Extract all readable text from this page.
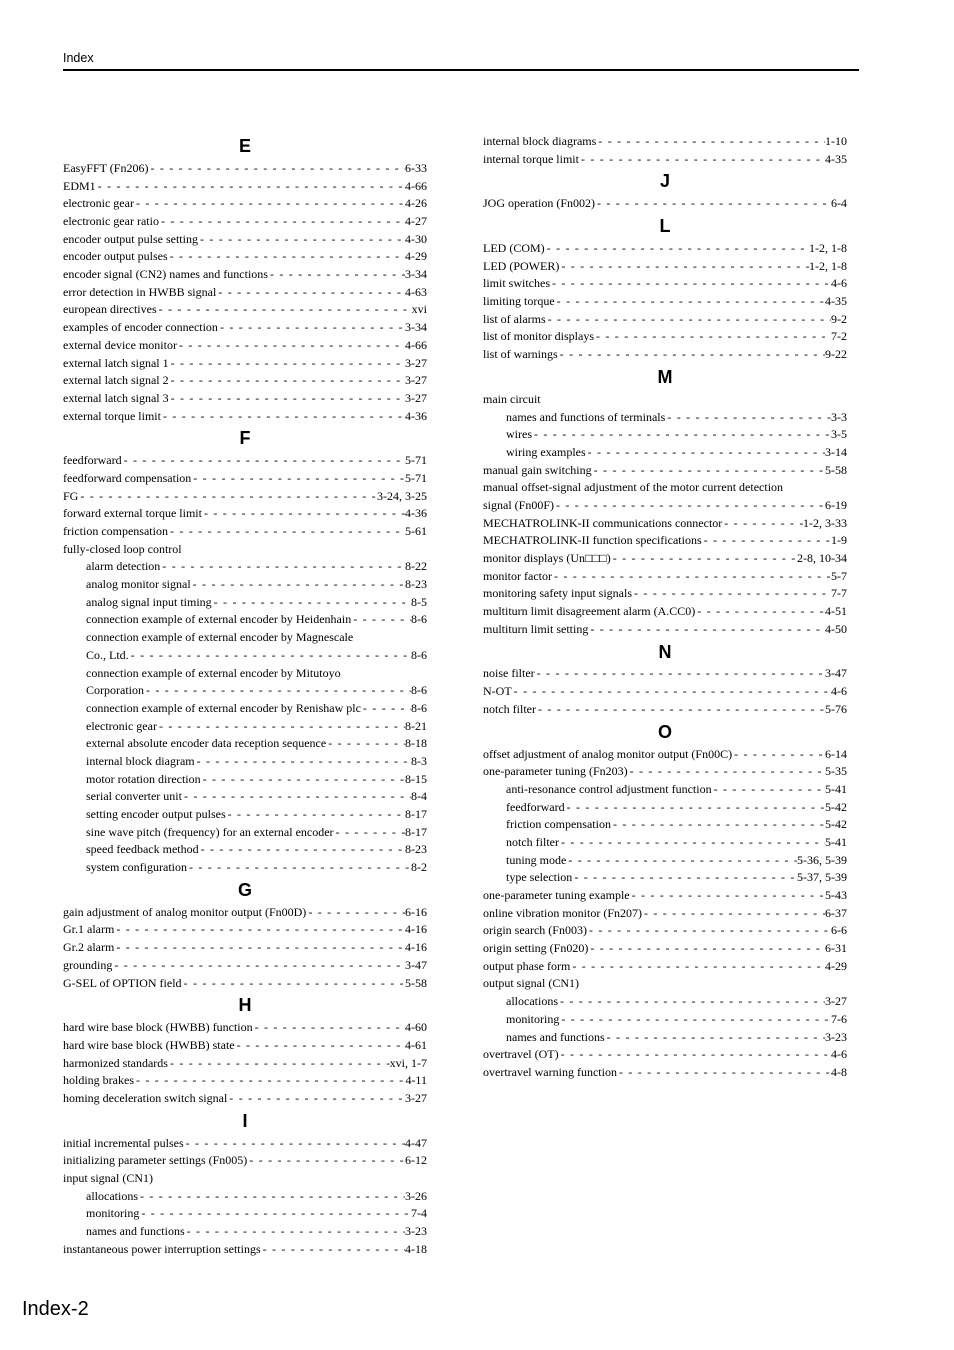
Index
E
EasyFFT (Fn206) - - -	6-33
EDM1 - - -	4-66
electronic gear - - -	4-26
electronic gear ratio - - -	4-27
encoder output pulse setting - - -	4-30
encoder output pulses - - -	4-29
encoder signal (CN2) names and functions - - -	3-34
error detection in HWBB signal - - -	4-63
european directives - - -	xvi
examples of encoder connection - - -	3-34
external device monitor - - -	4-66
external latch signal 1 - - -	3-27
external latch signal 2 - - -	3-27
external latch signal 3 - - -	3-27
external torque limit - - -	4-36
F
feedforward - - -	5-71
feedforward compensation - - -	5-71
FG - - -	3-24, 3-25
forward external torque limit - - -	4-36
friction compensation - - -	5-61
fully-closed loop control
alarm detection - - -	8-22
analog monitor signal - - -	8-23
analog signal input timing - - -	8-5
connection example of external encoder by Heidenhain - - -	8-6
connection example of external encoder by Magnescale
Co., Ltd. - - -	8-6
connection example of external encoder by Mitutoyo
Corporation - - -	8-6
connection example of external encoder by Renishaw plc - - -	8-6
electronic gear - - -	8-21
external absolute encoder data reception sequence - - -	8-18
internal block diagram - - -	8-3
motor rotation direction - - -	8-15
serial converter unit - - -	8-4
setting encoder output pulses - - -	8-17
sine wave pitch (frequency) for an external encoder - - -	8-17
speed feedback method - - -	8-23
system configuration - - -	8-2
G
gain adjustment of analog monitor output (Fn00D) - - -	6-16
Gr.1 alarm - - -	4-16
Gr.2 alarm - - -	4-16
grounding - - -	3-47
G-SEL of OPTION field - - -	5-58
H
hard wire base block (HWBB) function - - -	4-60
hard wire base block (HWBB) state - - -	4-61
harmonized standards - - -	xvi, 1-7
holding brakes - - -	4-11
homing deceleration switch signal - - -	3-27
I
initial incremental pulses - - -	4-47
initializing parameter settings (Fn005) - - -	6-12
input signal (CN1)
allocations - - -	3-26
monitoring - - -	7-4
names and functions - - -	3-23
instantaneous power interruption settings - - -	4-18
internal block diagrams - - -	1-10
internal torque limit - - -	4-35
J
JOG operation (Fn002) - - -	6-4
L
LED (COM) - - -	1-2, 1-8
LED (POWER) - - -	1-2, 1-8
limit switches - - -	4-6
limiting torque - - -	4-35
list of alarms - - -	9-2
list of monitor displays - - -	7-2
list of warnings - - -	9-22
M
main circuit
names and functions of terminals - - -	3-3
wires - - -	3-5
wiring examples - - -	3-14
manual gain switching - - -	5-58
manual offset-signal adjustment of the motor current detection
signal (Fn00F) - - -	6-19
MECHATROLINK-II communications connector - - -	1-2, 3-33
MECHATROLINK-II function specifications - - -	1-9
monitor displays (Un□□□) - - -	2-8, 10-34
monitor factor - - -	5-7
monitoring safety input signals - - -	7-7
multiturn limit disagreement alarm (A.CC0) - - -	4-51
multiturn limit setting - - -	4-50
N
noise filter - - -	3-47
N-OT - - -	4-6
notch filter - - -	5-76
O
offset adjustment of analog monitor output (Fn00C) - - -	6-14
one-parameter tuning (Fn203) - - -	5-35
anti-resonance control adjustment function - - -	5-41
feedforward - - -	5-42
friction compensation - - -	5-42
notch filter - - -	5-41
tuning mode - - -	5-36, 5-39
type selection - - -	5-37, 5-39
one-parameter tuning example - - -	5-43
online vibration monitor (Fn207) - - -	6-37
origin search (Fn003) - - -	6-6
origin setting (Fn020) - - -	6-31
output phase form - - -	4-29
output signal (CN1)
allocations - - -	3-27
monitoring - - -	7-6
names and functions - - -	3-23
overtravel (OT) - - -	4-6
overtravel warning function - - -	4-8
Index-2
